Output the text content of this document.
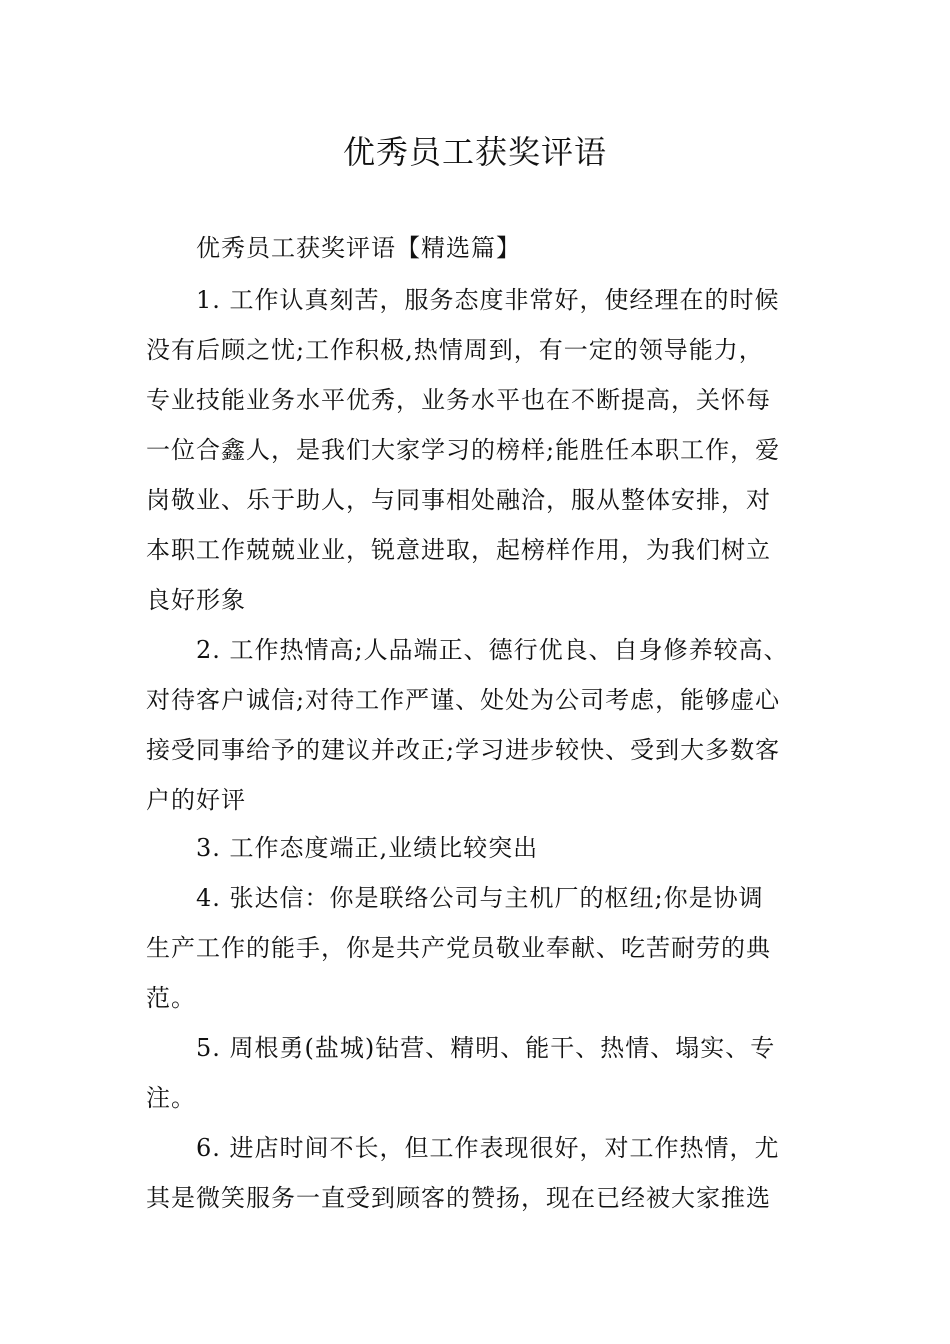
优秀员工获奖评语
优秀员工获奖评语【精选篇】
1. 工作认真刻苦，服务态度非常好，使经理在的时候
没有后顾之忧;工作积极,热情周到，有一定的领导能力，
专业技能业务水平优秀，业务水平也在不断提高，关怀每
一位合鑫人，是我们大家学习的榜样;能胜任本职工作，爱
岗敬业、乐于助人，与同事相处融洽，服从整体安排，对
本职工作兢兢业业，锐意进取，起榜样作用，为我们树立
良好形象
2. 工作热情高;人品端正、德行优良、自身修养较高、
对待客户诚信;对待工作严谨、处处为公司考虑，能够虚心
接受同事给予的建议并改正;学习进步较快、受到大多数客
户的好评
3. 工作态度端正,业绩比较突出
4. 张达信：你是联络公司与主机厂的枢纽;你是协调
生产工作的能手，你是共产党员敬业奉献、吃苦耐劳的典
范。
5. 周根勇(盐城)钻营、精明、能干、热情、塌实、专
注。
6. 进店时间不长，但工作表现很好，对工作热情，尤
其是微笑服务一直受到顾客的赞扬，现在已经被大家推选
